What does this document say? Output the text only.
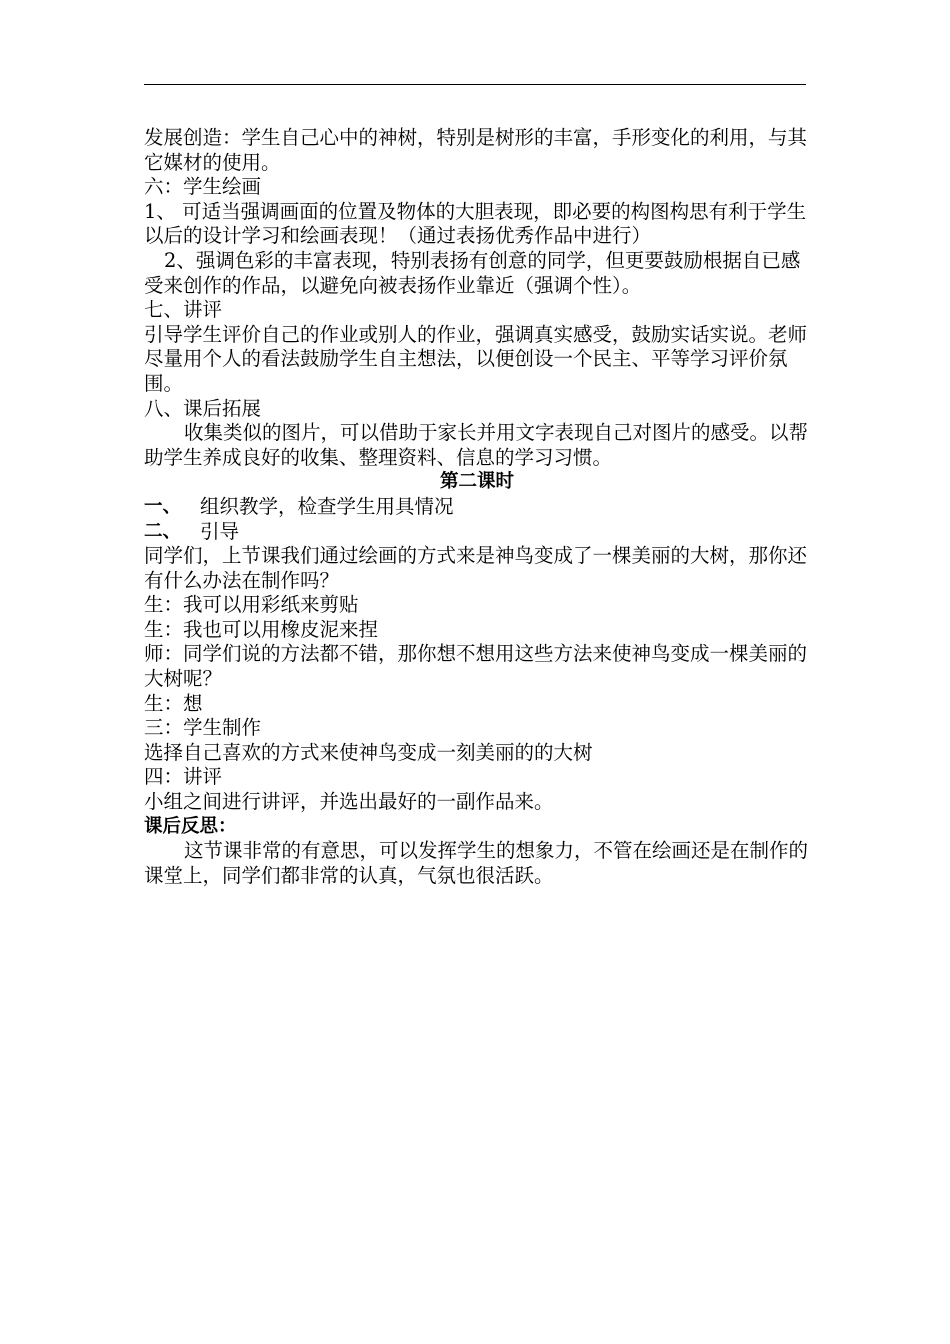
发展创造：学生自己心中的神树，特别是树形的丰富，手形变化的利用，与其它媒材的使用。

六：学生绘画

1、 可适当强调画面的位置及物体的大胆表现，即必要的构图构思有利于学生以后的设计学习和绘画表现！（通过表扬优秀作品中进行）

2、强调色彩的丰富表现，特别表扬有创意的同学，但更要鼓励根据自已感受来创作的作品，以避免向被表扬作业靠近（强调个性）。

七、讲评

引导学生评价自己的作业或别人的作业，强调真实感受，鼓励实话实说。老师尽量用个人的看法鼓励学生自主想法，以便创设一个民主、平等学习评价氛围。

八、课后拓展

收集类似的图片，可以借助于家长并用文字表现自己对图片的感受。以帮助学生养成良好的收集、整理资料、信息的学习习惯。

第二课时

一、 组织教学，检查学生用具情况
二、 引导

同学们，上节课我们通过绘画的方式来是神鸟变成了一棵美丽的大树，那你还有什么办法在制作吗？

生：我可以用彩纸来剪贴

生：我也可以用橡皮泥来捏

师：同学们说的方法都不错，那你想不想用这些方法来使神鸟变成一棵美丽的大树呢？

生：想

三：学生制作

选择自己喜欢的方式来使神鸟变成一刻美丽的的大树

四：讲评

小组之间进行讲评，并选出最好的一副作品来。

课后反思：

这节课非常的有意思，可以发挥学生的想象力，不管在绘画还是在制作的课堂上，同学们都非常的认真，气氛也很活跃。
